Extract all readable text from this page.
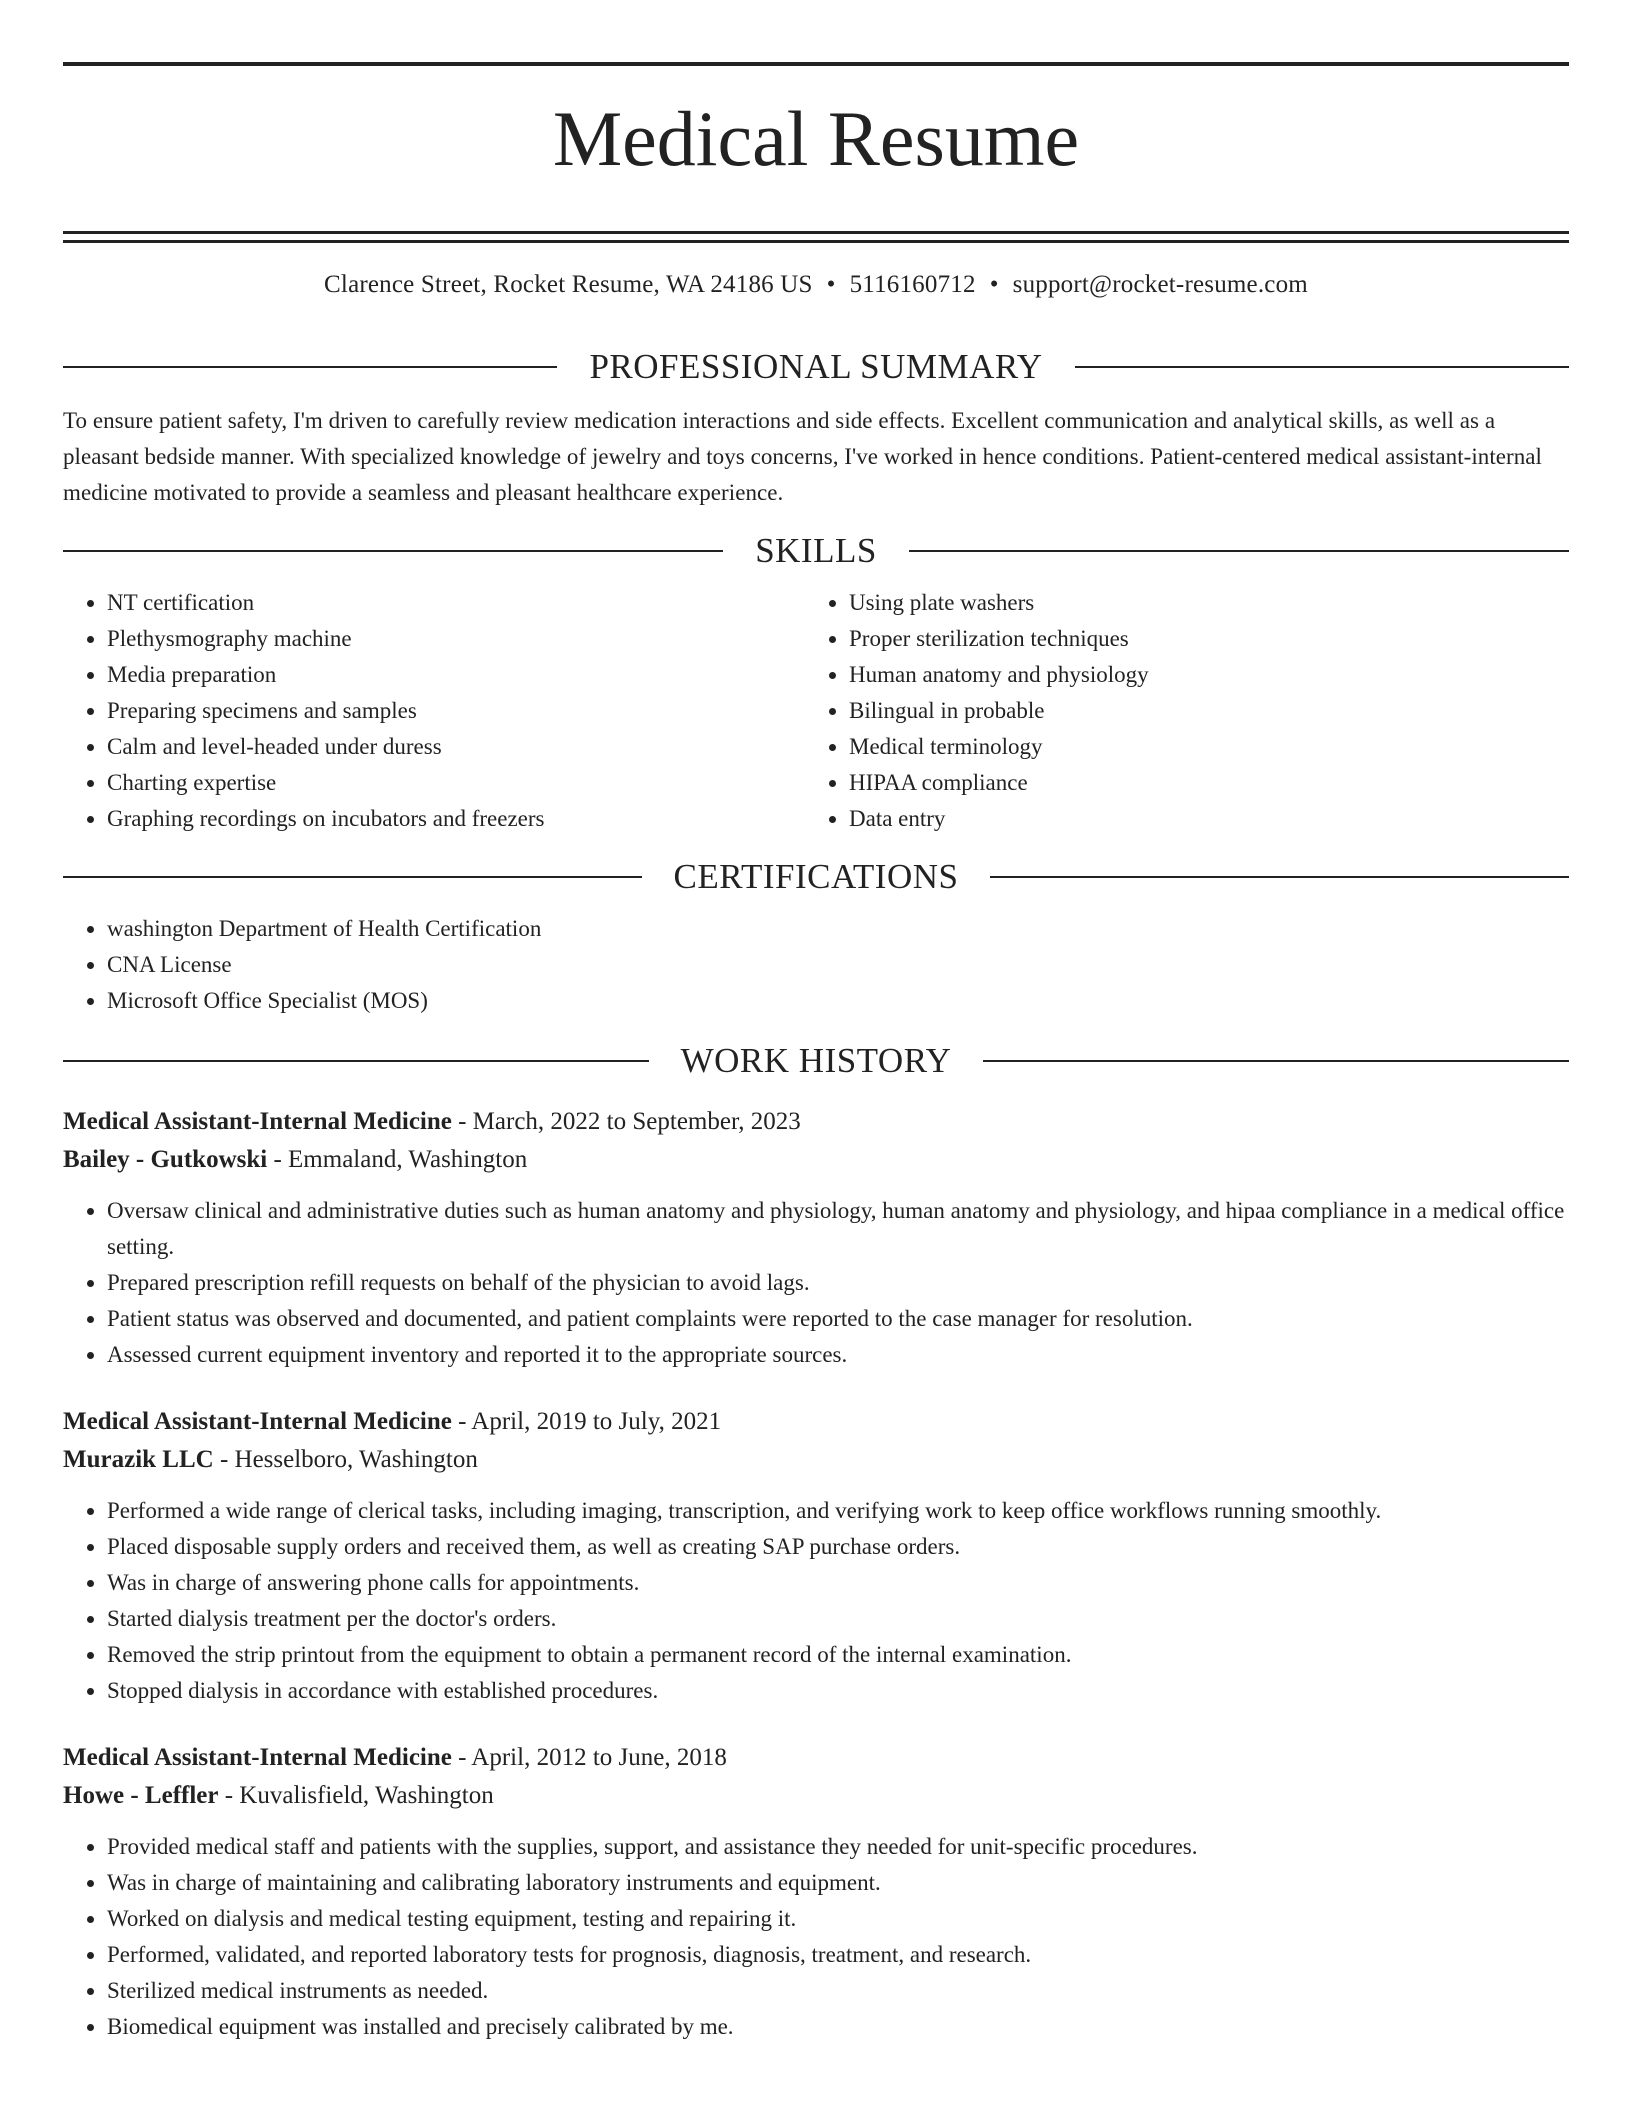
Medical Resume
Clarence Street, Rocket Resume, WA 24186 US • 5116160712 • support@rocket-resume.com
PROFESSIONAL SUMMARY
To ensure patient safety, I'm driven to carefully review medication interactions and side effects. Excellent communication and analytical skills, as well as a pleasant bedside manner. With specialized knowledge of jewelry and toys concerns, I've worked in hence conditions. Patient-centered medical assistant-internal medicine motivated to provide a seamless and pleasant healthcare experience.
SKILLS
• NT certification
• Plethysmography machine
• Media preparation
• Preparing specimens and samples
• Calm and level-headed under duress
• Charting expertise
• Graphing recordings on incubators and freezers
• Using plate washers
• Proper sterilization techniques
• Human anatomy and physiology
• Bilingual in probable
• Medical terminology
• HIPAA compliance
• Data entry
CERTIFICATIONS
• washington Department of Health Certification
• CNA License
• Microsoft Office Specialist (MOS)
WORK HISTORY
Medical Assistant-Internal Medicine - March, 2022 to September, 2023
Bailey - Gutkowski - Emmaland, Washington
• Oversaw clinical and administrative duties such as human anatomy and physiology, human anatomy and physiology, and hipaa compliance in a medical office setting.
• Prepared prescription refill requests on behalf of the physician to avoid lags.
• Patient status was observed and documented, and patient complaints were reported to the case manager for resolution.
• Assessed current equipment inventory and reported it to the appropriate sources.
Medical Assistant-Internal Medicine - April, 2019 to July, 2021
Murazik LLC - Hesselboro, Washington
• Performed a wide range of clerical tasks, including imaging, transcription, and verifying work to keep office workflows running smoothly.
• Placed disposable supply orders and received them, as well as creating SAP purchase orders.
• Was in charge of answering phone calls for appointments.
• Started dialysis treatment per the doctor's orders.
• Removed the strip printout from the equipment to obtain a permanent record of the internal examination.
• Stopped dialysis in accordance with established procedures.
Medical Assistant-Internal Medicine - April, 2012 to June, 2018
Howe - Leffler - Kuvalisfield, Washington
• Provided medical staff and patients with the supplies, support, and assistance they needed for unit-specific procedures.
• Was in charge of maintaining and calibrating laboratory instruments and equipment.
• Worked on dialysis and medical testing equipment, testing and repairing it.
• Performed, validated, and reported laboratory tests for prognosis, diagnosis, treatment, and research.
• Sterilized medical instruments as needed.
• Biomedical equipment was installed and precisely calibrated by me.
